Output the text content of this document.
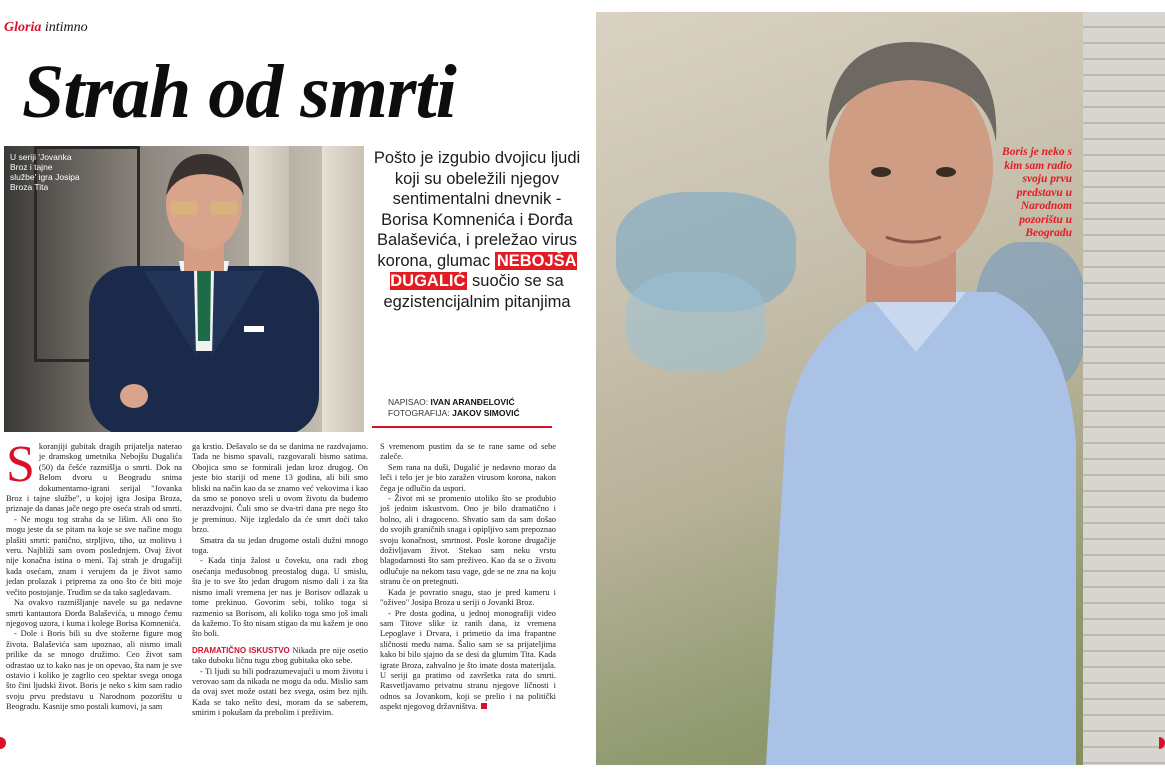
Gloria intimno
Strah od smrti
U seriji 'Jovanka Broz i tajne službe' igra Josipa Broza Tita
Pošto je izgubio dvojicu ljudi koji su obeležili njegov sentimentalni dnevnik - Borisa Komnenića i Đorđa Balaševića, i preležao virus korona, glumac NEBOJŠA DUGALIĆ suočio se sa egzistencijalnim pitanjima
NAPISAO: IVAN ARANĐELOVIĆ
FOTOGRAFIJA: JAKOV SIMOVIĆ
S koranjiji gubitak dragih prijatelja naterao je dramskog umetnika Nebojšu Dugalića (50) da češće razmišlja o smrti. Dok na Belom dvoru u Beogradu snima dokumentarno-igrani serijal "Jovanka Broz i tajne službe", u kojoj igra Josipa Broza, priznaje da danas jače nego pre oseća strah od smrti.

- Ne mogu tog straha da se lišim. Ali ono što mogu jeste da se pitam na koje se sve načine mogu plašiti smrti: panično, strpljivo, tiho, uz molitvu i veru. Najbliži sam ovom poslednjem. Ovaj život nije konačna istina o meni. Taj strah je drugačiji kada osećam, znam i verujem da je život samo jedan prolazak i priprema za ono što će biti moje večito postojanje. Trudim se da tako sagledavam.

Na ovakvo razmišljanje navele su ga nedavne smrti kantautora Đorđa Balaševića, u mnogo čemu njegovog uzora, i kuma i kolege Borisa Komnenića.

- Dole i Boris bili su dve stožerne figure mog života. Balaševića sam upoznao, ali nismo imali prilike da se mnogo družimo. Ceo život sam odrastao uz to kako nas je on opevao, šta nam je sve ostavio i koliko je zagrlio ceo spektar svega onoga što čini ljudski život. Boris je neko s kim sam radio svoju prvu predstavu u Narodnom pozorištu u Beogradu. Kasnije smo postali kumovi, ja sam

ga krstio. Dešavalo se da se danima ne razdvajamo. Tada ne bismo spavali, razgovarali bismo satima. Obojica smo se formirali jedan kroz drugog. On jeste bio stariji od mene 13 godina, ali bili smo bliski na način kao da se znamo već vekovima i kao da smo se ponovo sreli u ovom životu da budemo nerazdvojni. Čuli smo se dva-tri dana pre nego što je preminuo. Nije izgledalo da će smrt doći tako brzo.

Smatra da su jedan drugome ostali dužni mnogo toga.

- Kada tinja žalost u čoveku, ona radi zbog osećanja međusobnog preostalog duga. U smislu, šta je to sve što jedan drugom nismo dali i za šta nismo imali vremena jer nas je Borisov odlazak u tome prekinuo. Govorim sebi, toliko toga si razmenio sa Borisom, ali koliko toga smo još imali da kažemo. To što nisam stigao da mu kažem je ono što boli.

DRAMATIČNO ISKUSTVO Nikada pre nije osetio tako duboku ličnu tugu zbog gubitaka oko sebe.

- Ti ljudi su bili podrazumevajući u mom životu i verovao sam da nikada ne mogu da odu. Mislio sam da ovaj svet može ostati bez svega, osim bez njih. Kada se tako nešto desi, moram da se saberem, smirim i pokušam da prebolim i preživim.

S vremenom pustim da se te rane same od sebe zaleče.

Sem rana na duši, Dugalić je nedavno morao da leči i telo jer je bio zaražen virusom korona, nakon čega je odlučio da uspori.

- Život mi se promenio utoliko što se produbio još jednim iskustvom. Ono je bilo dramatično i bolno, ali i dragoceno. Shvatio sam da sam došao do svojih graničnih snaga i opipljivo sam prepoznao svoju konačnost, smrtnost. Posle korone drugačije doživljavam život. Stekao sam neku vrstu blagodarnosti što sam preživeo. Kao da se o životu odlučuje na nekom tasu vage, gde se ne zna na koju stranu će on pretegnuti.

Kada je povratio snagu, stao je pred kameru i "oživeo" Josipa Broza u seriji o Jovanki Broz.

- Pre dosta godina, u jednoj monografiji video sam Titove slike iz ranih dana, iz vremena Lepoglave i Drvara, i primetio da ima frapantne sličnosti među nama. Šalio sam se sa prijateljima kako bi bilo sjajno da se desi da glumim Tita. Kada igrate Broza, zahvalno je što imate dosta materijala. U seriji ga pratimo od završetka rata do smrti. Rasvetljavamo privatnu stranu njegove ličnosti i odnos sa Jovankom, koji se prelio i na politički aspekt njegovog državništva.

Boris je neko s kim sam radio svoju prvu predstavu u Narodnom pozorištu u Beogradu
